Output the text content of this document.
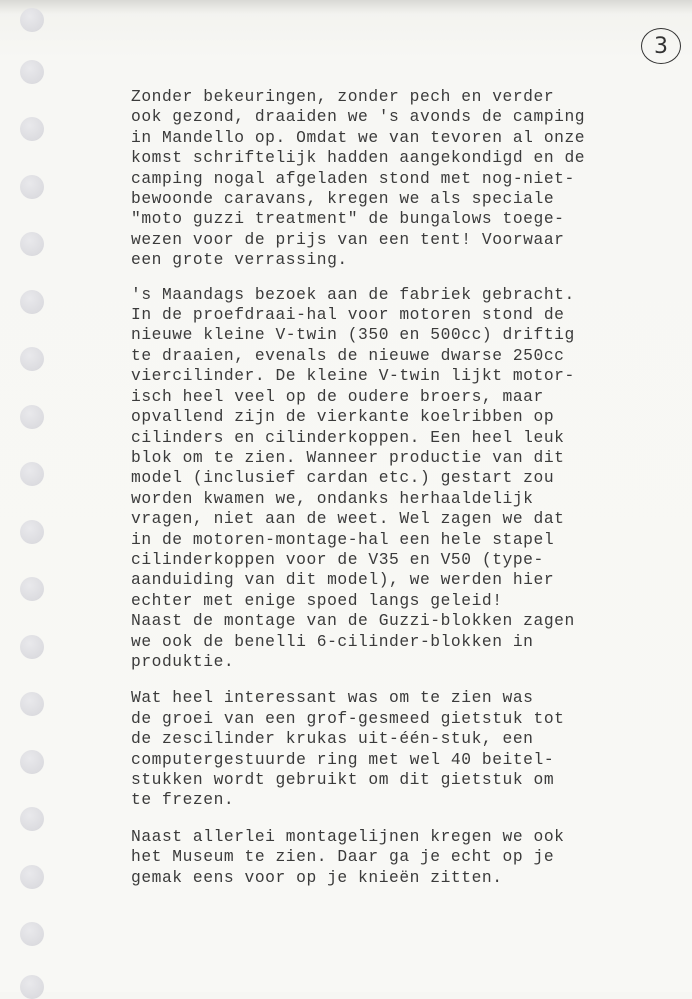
3
Zonder bekeuringen, zonder pech en verder
ook gezond, draaiden we 's avonds de camping
in Mandello op. Omdat we van tevoren al onze
komst schriftelijk hadden aangekondigd en de
camping nogal afgeladen stond met nog-niet-
bewoonde caravans, kregen we als speciale
"moto guzzi treatment" de bungalows toege-
wezen voor de prijs van een tent! Voorwaar
een grote verrassing.
's Maandags bezoek aan de fabriek gebracht.
In de proefdraai-hal voor motoren stond de
nieuwe kleine V-twin (350 en 500cc) driftig
te draaien, evenals de nieuwe dwarse 250cc
viercilinder. De kleine V-twin lijkt motor-
isch heel veel op de oudere broers, maar
opvallend zijn de vierkante koelribben op
cilinders en cilinderkoppen. Een heel leuk
blok om te zien. Wanneer productie van dit
model (inclusief cardan etc.) gestart zou
worden kwamen we, ondanks herhaaldelijk
vragen, niet aan de weet. Wel zagen we dat
in de motoren-montage-hal een hele stapel
cilinderkoppen voor de V35 en V50 (type-
aanduiding van dit model), we werden hier
echter met enige spoed langs geleid!
Naast de montage van de Guzzi-blokken zagen
we ook de benelli 6-cilinder-blokken in
produktie.
Wat heel interessant was om te zien was
de groei van een grof-gesmeed gietstuk tot
de zescilinder krukas uit-één-stuk, een
computergestuurde ring met wel 40 beitel-
stukken wordt gebruikt om dit gietstuk om
te frezen.
Naast allerlei montagelijnen kregen we ook
het Museum te zien. Daar ga je echt op je
gemak eens voor op je knieën zitten.
